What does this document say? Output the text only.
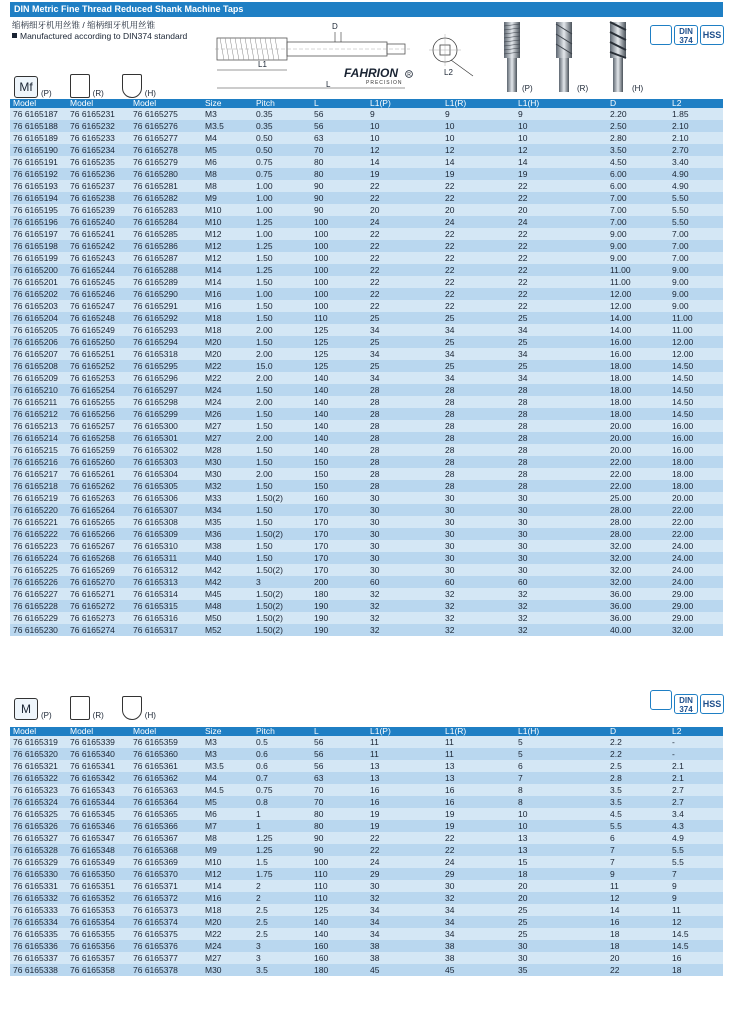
DIN Metric Fine Thread Reduced Shank Machine Taps
缩柄细牙机用丝锥 / 缩柄细牙机用丝锥
Manufactured according to DIN374 standard
D
L1
L
L2
FAHRION R
PRECISION
(P)	(R)	(H)
DIN
374
HSS
Mf	(P)	(R)	(H)
Model	Model	Model	Size	Pitch	L	L1(P)	L1(R)	L1(H)	D	L2
76 6165187	76 6165231	76 6165275	M3	0.35	56	9	9	9	2.20	1.85
76 6165188	76 6165232	76 6165276	M3.5	0.35	56	10	10	10	2.50	2.10
76 6165189	76 6165233	76 6165277	M4	0.50	63	10	10	10	2.80	2.10
76 6165190	76 6165234	76 6165278	M5	0.50	70	12	12	12	3.50	2.70
76 6165191	76 6165235	76 6165279	M6	0.75	80	14	14	14	4.50	3.40
76 6165192	76 6165236	76 6165280	M8	0.75	80	19	19	19	6.00	4.90
76 6165193	76 6165237	76 6165281	M8	1.00	90	22	22	22	6.00	4.90
76 6165194	76 6165238	76 6165282	M9	1.00	90	22	22	22	7.00	5.50
76 6165195	76 6165239	76 6165283	M10	1.00	90	20	20	20	7.00	5.50
76 6165196	76 6165240	76 6165284	M10	1.25	100	24	24	24	7.00	5.50
76 6165197	76 6165241	76 6165285	M12	1.00	100	22	22	22	9.00	7.00
76 6165198	76 6165242	76 6165286	M12	1.25	100	22	22	22	9.00	7.00
76 6165199	76 6165243	76 6165287	M12	1.50	100	22	22	22	9.00	7.00
76 6165200	76 6165244	76 6165288	M14	1.25	100	22	22	22	11.00	9.00
76 6165201	76 6165245	76 6165289	M14	1.50	100	22	22	22	11.00	9.00
76 6165202	76 6165246	76 6165290	M16	1.00	100	22	22	22	12.00	9.00
76 6165203	76 6165247	76 6165291	M16	1.50	100	22	22	22	12.00	9.00
76 6165204	76 6165248	76 6165292	M18	1.50	110	25	25	25	14.00	11.00
76 6165205	76 6165249	76 6165293	M18	2.00	125	34	34	34	14.00	11.00
76 6165206	76 6165250	76 6165294	M20	1.50	125	25	25	25	16.00	12.00
76 6165207	76 6165251	76 6165318	M20	2.00	125	34	34	34	16.00	12.00
76 6165208	76 6165252	76 6165295	M22	15.0	125	25	25	25	18.00	14.50
76 6165209	76 6165253	76 6165296	M22	2.00	140	34	34	34	18.00	14.50
76 6165210	76 6165254	76 6165297	M24	1.50	140	28	28	28	18.00	14.50
76 6165211	76 6165255	76 6165298	M24	2.00	140	28	28	28	18.00	14.50
76 6165212	76 6165256	76 6165299	M26	1.50	140	28	28	28	18.00	14.50
76 6165213	76 6165257	76 6165300	M27	1.50	140	28	28	28	20.00	16.00
76 6165214	76 6165258	76 6165301	M27	2.00	140	28	28	28	20.00	16.00
76 6165215	76 6165259	76 6165302	M28	1.50	140	28	28	28	20.00	16.00
76 6165216	76 6165260	76 6165303	M30	1.50	150	28	28	28	22.00	18.00
76 6165217	76 6165261	76 6165304	M30	2.00	150	28	28	28	22.00	18.00
76 6165218	76 6165262	76 6165305	M32	1.50	150	28	28	28	22.00	18.00
76 6165219	76 6165263	76 6165306	M33	1.50(2)	160	30	30	30	25.00	20.00
76 6165220	76 6165264	76 6165307	M34	1.50	170	30	30	30	28.00	22.00
76 6165221	76 6165265	76 6165308	M35	1.50	170	30	30	30	28.00	22.00
76 6165222	76 6165266	76 6165309	M36	1.50(2)	170	30	30	30	28.00	22.00
76 6165223	76 6165267	76 6165310	M38	1.50	170	30	30	30	32.00	24.00
76 6165224	76 6165268	76 6165311	M40	1.50	170	30	30	30	32.00	24.00
76 6165225	76 6165269	76 6165312	M42	1.50(2)	170	30	30	30	32.00	24.00
76 6165226	76 6165270	76 6165313	M42	3	200	60	60	60	32.00	24.00
76 6165227	76 6165271	76 6165314	M45	1.50(2)	180	32	32	32	36.00	29.00
76 6165228	76 6165272	76 6165315	M48	1.50(2)	190	32	32	32	36.00	29.00
76 6165229	76 6165273	76 6165316	M50	1.50(2)	190	32	32	32	36.00	29.00
76 6165230	76 6165274	76 6165317	M52	1.50(2)	190	32	32	32	40.00	32.00
DIN
374
HSS
M	(P)	(R)	(H)
Model	Model	Model	Size	Pitch	L	L1(P)	L1(R)	L1(H)	D	L2
76 6165319	76 6165339	76 6165359	M3	0.5	56	11	11	5	2.2	-
76 6165320	76 6165340	76 6165360	M3	0.6	56	11	11	5	2.2	-
76 6165321	76 6165341	76 6165361	M3.5	0.6	56	13	13	6	2.5	2.1
76 6165322	76 6165342	76 6165362	M4	0.7	63	13	13	7	2.8	2.1
76 6165323	76 6165343	76 6165363	M4.5	0.75	70	16	16	8	3.5	2.7
76 6165324	76 6165344	76 6165364	M5	0.8	70	16	16	8	3.5	2.7
76 6165325	76 6165345	76 6165365	M6	1	80	19	19	10	4.5	3.4
76 6165326	76 6165346	76 6165366	M7	1	80	19	19	10	5.5	4.3
76 6165327	76 6165347	76 6165367	M8	1.25	90	22	22	13	6	4.9
76 6165328	76 6165348	76 6165368	M9	1.25	90	22	22	13	7	5.5
76 6165329	76 6165349	76 6165369	M10	1.5	100	24	24	15	7	5.5
76 6165330	76 6165350	76 6165370	M12	1.75	110	29	29	18	9	7
76 6165331	76 6165351	76 6165371	M14	2	110	30	30	20	11	9
76 6165332	76 6165352	76 6165372	M16	2	110	32	32	20	12	9
76 6165333	76 6165353	76 6165373	M18	2.5	125	34	34	25	14	11
76 6165334	76 6165354	76 6165374	M20	2.5	140	34	34	25	16	12
76 6165335	76 6165355	76 6165375	M22	2.5	140	34	34	25	18	14.5
76 6165336	76 6165356	76 6165376	M24	3	160	38	38	30	18	14.5
76 6165337	76 6165357	76 6165377	M27	3	160	38	38	30	20	16
76 6165338	76 6165358	76 6165378	M30	3.5	180	45	45	35	22	18
